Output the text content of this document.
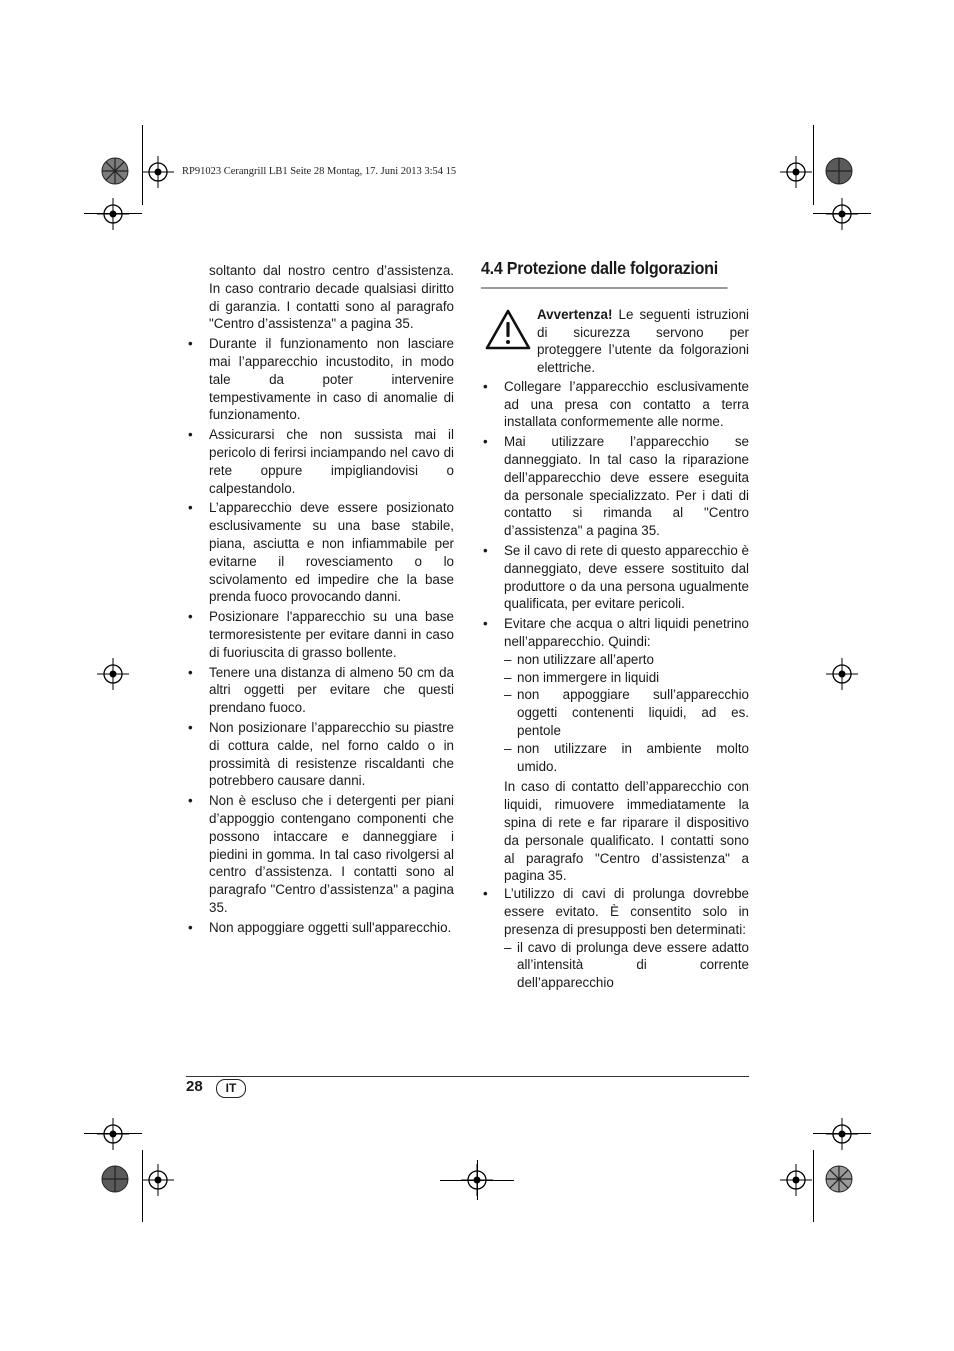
RP91023 Cerangrill LB1 Seite 28 Montag, 17. Juni 2013 3:54 15

soltanto dal nostro centro d’assistenza. In caso contrario decade qualsiasi diritto di garanzia. I contatti sono al paragrafo "Centro d’assistenza" a pagina 35.

• Durante il funzionamento non lasciare mai l’apparecchio incustodito, in modo tale da poter intervenire tempestivamente in caso di anomalie di funzionamento.
• Assicurarsi che non sussista mai il pericolo di ferirsi inciampando nel cavo di rete oppure impigliandovisi o calpestandolo.
• L’apparecchio deve essere posizionato esclusivamente su una base stabile, piana, asciutta e non infiammabile per evitarne il rovesciamento o lo scivolamento ed impedire che la base prenda fuoco provocando danni.
• Posizionare l'apparecchio su una base termoresistente per evitare danni in caso di fuoriuscita di grasso bollente.
• Tenere una distanza di almeno 50 cm da altri oggetti per evitare che questi prendano fuoco.
• Non posizionare l’apparecchio su piastre di cottura calde, nel forno caldo o in prossimità di resistenze riscaldanti che potrebbero causare danni.
• Non è escluso che i detergenti per piani d’appoggio contengano componenti che possono intaccare e danneggiare i piedini in gomma. In tal caso rivolgersi al centro d’assistenza. I contatti sono al paragrafo "Centro d’assistenza" a pagina 35.
• Non appoggiare oggetti sull'apparecchio.
4.4 Protezione dalle folgorazioni
Avvertenza! Le seguenti istruzioni di sicurezza servono per proteggere l’utente da folgorazioni elettriche.
• Collegare l’apparecchio esclusivamente ad una presa con contatto a terra installata conformemente alle norme.
• Mai utilizzare l’apparecchio se danneggiato. In tal caso la riparazione dell’apparecchio deve essere eseguita da personale specializzato. Per i dati di contatto si rimanda al "Centro d’assistenza" a pagina 35.
• Se il cavo di rete di questo apparecchio è danneggiato, deve essere sostituito dal produttore o da una persona ugualmente qualificata, per evitare pericoli.
• Evitare che acqua o altri liquidi penetrino nell’apparecchio. Quindi:
– non utilizzare all’aperto
– non immergere in liquidi
– non appoggiare sull’apparecchio oggetti contenenti liquidi, ad es. pentole
– non utilizzare in ambiente molto umido.

In caso di contatto dell’apparecchio con liquidi, rimuovere immediatamente la spina di rete e far riparare il dispositivo da personale qualificato. I contatti sono al paragrafo "Centro d’assistenza" a pagina 35.

• L’utilizzo di cavi di prolunga dovrebbe essere evitato. È consentito solo in presenza di presupposti ben determinati:
– il cavo di prolunga deve essere adatto all’intensità di corrente dell’apparecchio
28	IT
